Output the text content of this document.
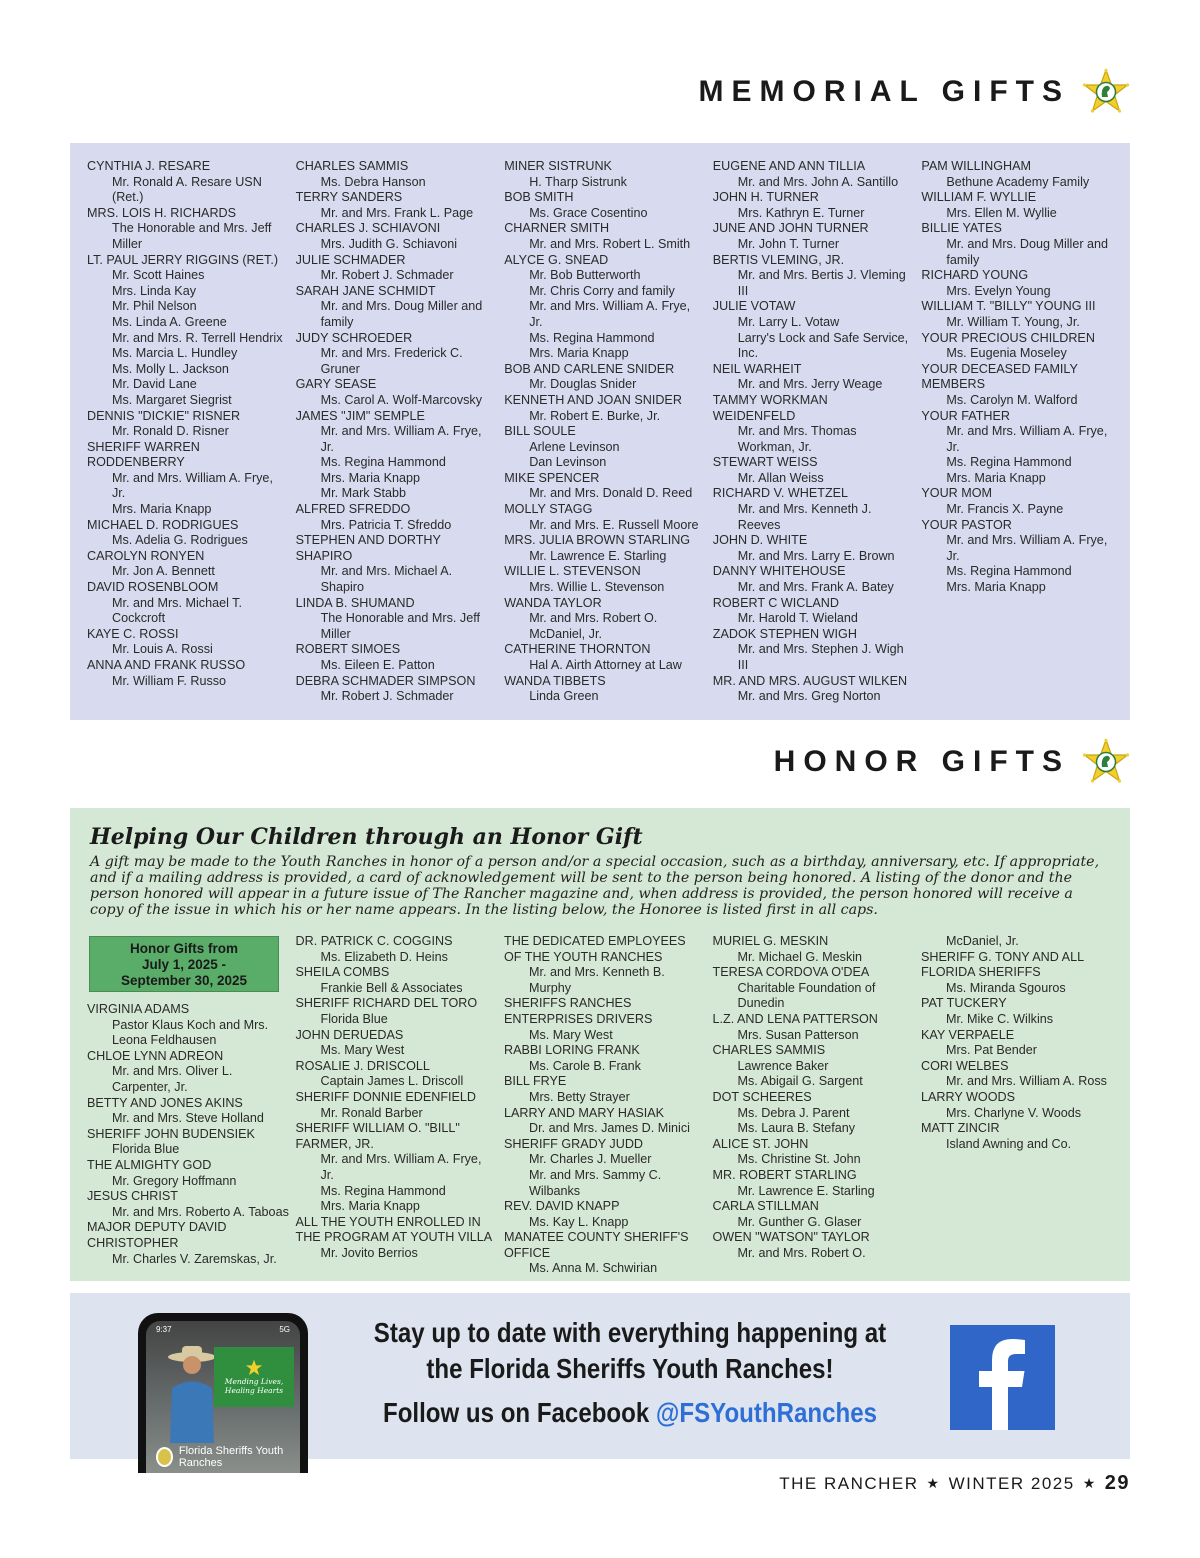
MEMORIAL GIFTS
CYNTHIA J. RESARE
Mr. Ronald A. Resare USN (Ret.)
MRS. LOIS H. RICHARDS
The Honorable and Mrs. Jeff Miller
LT. PAUL JERRY RIGGINS (RET.)
Mr. Scott Haines
Mrs. Linda Kay
Mr. Phil Nelson
Ms. Linda A. Greene
Mr. and Mrs. R. Terrell Hendrix
Ms. Marcia L. Hundley
Ms. Molly L. Jackson
Mr. David Lane
Ms. Margaret Siegrist
DENNIS "DICKIE" RISNER
Mr. Ronald D. Risner
SHERIFF WARREN RODDENBERRY
Mr. and Mrs. William A. Frye, Jr.
Mrs. Maria Knapp
MICHAEL D. RODRIGUES
Ms. Adelia G. Rodrigues
CAROLYN RONYEN
Mr. Jon A. Bennett
DAVID ROSENBLOOM
Mr. and Mrs. Michael T. Cockcroft
KAYE C. ROSSI
Mr. Louis A. Rossi
ANNA AND FRANK RUSSO
Mr. William F. Russo
CHARLES SAMMIS
Ms. Debra Hanson
TERRY SANDERS
Mr. and Mrs. Frank L. Page
CHARLES J. SCHIAVONI
Mrs. Judith G. Schiavoni
JULIE SCHMADER
Mr. Robert J. Schmader
SARAH JANE SCHMIDT
Mr. and Mrs. Doug Miller and family
JUDY SCHROEDER
Mr. and Mrs. Frederick C. Gruner
GARY SEASE
Ms. Carol A. Wolf-Marcovsky
JAMES "JIM" SEMPLE
Mr. and Mrs. William A. Frye, Jr.
Ms. Regina Hammond
Mrs. Maria Knapp
Mr. Mark Stabb
ALFRED SFREDDO
Mrs. Patricia T. Sfreddo
STEPHEN AND DORTHY SHAPIRO
Mr. and Mrs. Michael A. Shapiro
LINDA B. SHUMAND
The Honorable and Mrs. Jeff Miller
ROBERT SIMOES
Ms. Eileen E. Patton
DEBRA SCHMADER SIMPSON
Mr. Robert J. Schmader
MINER SISTRUNK
H. Tharp Sistrunk
BOB SMITH
Ms. Grace Cosentino
CHARNER SMITH
Mr. and Mrs. Robert L. Smith
ALYCE G. SNEAD
Mr. Bob Butterworth
Mr. Chris Corry and family
Mr. and Mrs. William A. Frye, Jr.
Ms. Regina Hammond
Mrs. Maria Knapp
BOB AND CARLENE SNIDER
Mr. Douglas Snider
KENNETH AND JOAN SNIDER
Mr. Robert E. Burke, Jr.
BILL SOULE
Arlene Levinson
Dan Levinson
MIKE SPENCER
Mr. and Mrs. Donald D. Reed
MOLLY STAGG
Mr. and Mrs. E. Russell Moore
MRS. JULIA BROWN STARLING
Mr. Lawrence E. Starling
WILLIE L. STEVENSON
Mrs. Willie L. Stevenson
WANDA TAYLOR
Mr. and Mrs. Robert O. McDaniel, Jr.
CATHERINE THORNTON
Hal A. Airth Attorney at Law
WANDA TIBBETS
Linda Green
EUGENE AND ANN TILLIA
Mr. and Mrs. John A. Santillo
JOHN H. TURNER
Mrs. Kathryn E. Turner
JUNE AND JOHN TURNER
Mr. John T. Turner
BERTIS VLEMING, JR.
Mr. and Mrs. Bertis J. Vleming III
JULIE VOTAW
Mr. Larry L. Votaw
Larry's Lock and Safe Service, Inc.
NEIL WARHEIT
Mr. and Mrs. Jerry Weage
TAMMY WORKMAN WEIDENFELD
Mr. and Mrs. Thomas Workman, Jr.
STEWART WEISS
Mr. Allan Weiss
RICHARD V. WHETZEL
Mr. and Mrs. Kenneth J. Reeves
JOHN D. WHITE
Mr. and Mrs. Larry E. Brown
DANNY WHITEHOUSE
Mr. and Mrs. Frank A. Batey
ROBERT C WICLAND
Mr. Harold T. Wieland
ZADOK STEPHEN WIGH
Mr. and Mrs. Stephen J. Wigh III
MR. AND MRS. AUGUST WILKEN
Mr. and Mrs. Greg Norton
PAM WILLINGHAM
Bethune Academy Family
WILLIAM F. WYLLIE
Mrs. Ellen M. Wyllie
BILLIE YATES
Mr. and Mrs. Doug Miller and family
RICHARD YOUNG
Mrs. Evelyn Young
WILLIAM T. "BILLY" YOUNG III
Mr. William T. Young, Jr.
YOUR PRECIOUS CHILDREN
Ms. Eugenia Moseley
YOUR DECEASED FAMILY MEMBERS
Ms. Carolyn M. Walford
YOUR FATHER
Mr. and Mrs. William A. Frye, Jr.
Ms. Regina Hammond
Mrs. Maria Knapp
YOUR MOM
Mr. Francis X. Payne
YOUR PASTOR
Mr. and Mrs. William A. Frye, Jr.
Ms. Regina Hammond
Mrs. Maria Knapp
HONOR GIFTS
Helping Our Children through an Honor Gift
A gift may be made to the Youth Ranches in honor of a person and/or a special occasion, such as a birthday, anniversary, etc. If appropriate, and if a mailing address is provided, a card of acknowledgement will be sent to the person being honored. A listing of the donor and the person honored will appear in a future issue of The Rancher magazine and, when address is provided, the person honored will receive a copy of the issue in which his or her name appears. In the listing below, the Honoree is listed first in all caps.
Honor Gifts from
July 1, 2025 -
September 30, 2025
VIRGINIA ADAMS
Pastor Klaus Koch and Mrs. Leona Feldhausen
CHLOE LYNN ADREON
Mr. and Mrs. Oliver L. Carpenter, Jr.
BETTY AND JONES AKINS
Mr. and Mrs. Steve Holland
SHERIFF JOHN BUDENSIEK
Florida Blue
THE ALMIGHTY GOD
Mr. Gregory Hoffmann
JESUS CHRIST
Mr. and Mrs. Roberto A. Taboas
MAJOR DEPUTY DAVID CHRISTOPHER
Mr. Charles V. Zaremskas, Jr.
DR. PATRICK C. COGGINS
Ms. Elizabeth D. Heins
SHEILA COMBS
Frankie Bell & Associates
SHERIFF RICHARD DEL TORO
Florida Blue
JOHN DERUEDAS
Ms. Mary West
ROSALIE J. DRISCOLL
Captain James L. Driscoll
SHERIFF DONNIE EDENFIELD
Mr. Ronald Barber
SHERIFF WILLIAM O. "BILL" FARMER, JR.
Mr. and Mrs. William A. Frye, Jr.
Ms. Regina Hammond
Mrs. Maria Knapp
ALL THE YOUTH ENROLLED IN THE PROGRAM AT YOUTH VILLA
Mr. Jovito Berrios
THE DEDICATED EMPLOYEES OF THE YOUTH RANCHES
Mr. and Mrs. Kenneth B. Murphy
SHERIFFS RANCHES ENTERPRISES DRIVERS
Ms. Mary West
RABBI LORING FRANK
Ms. Carole B. Frank
BILL FRYE
Mrs. Betty Strayer
LARRY AND MARY HASIAK
Dr. and Mrs. James D. Minici
SHERIFF GRADY JUDD
Mr. Charles J. Mueller
Mr. and Mrs. Sammy C. Wilbanks
REV. DAVID KNAPP
Ms. Kay L. Knapp
MANATEE COUNTY SHERIFF'S OFFICE
Ms. Anna M. Schwirian
MURIEL G. MESKIN
Mr. Michael G. Meskin
TERESA CORDOVA O'DEA
Charitable Foundation of Dunedin
L.Z. AND LENA PATTERSON
Mrs. Susan Patterson
CHARLES SAMMIS
Lawrence Baker
Ms. Abigail G. Sargent
DOT SCHEERES
Ms. Debra J. Parent
Ms. Laura B. Stefany
ALICE ST. JOHN
Ms. Christine St. John
MR. ROBERT STARLING
Mr. Lawrence E. Starling
CARLA STILLMAN
Mr. Gunther G. Glaser
OWEN "WATSON" TAYLOR
Mr. and Mrs. Robert O.
McDaniel, Jr.
SHERIFF G. TONY AND ALL FLORIDA SHERIFFS
Ms. Miranda Sgouros
PAT TUCKERY
Mr. Mike C. Wilkins
KAY VERPAELE
Mrs. Pat Bender
CORI WELBES
Mr. and Mrs. William A. Ross
LARRY WOODS
Mrs. Charlyne V. Woods
MATT ZINCIR
Island Awning and Co.
9:37	5G
Mending Lives, Healing Hearts
Florida Sheriffs Youth Ranches
Stay up to date with everything happening at
the Florida Sheriffs Youth Ranches!
Follow us on Facebook @FSYouthRanches
THE RANCHER ★ WINTER 2025 ★ 29
